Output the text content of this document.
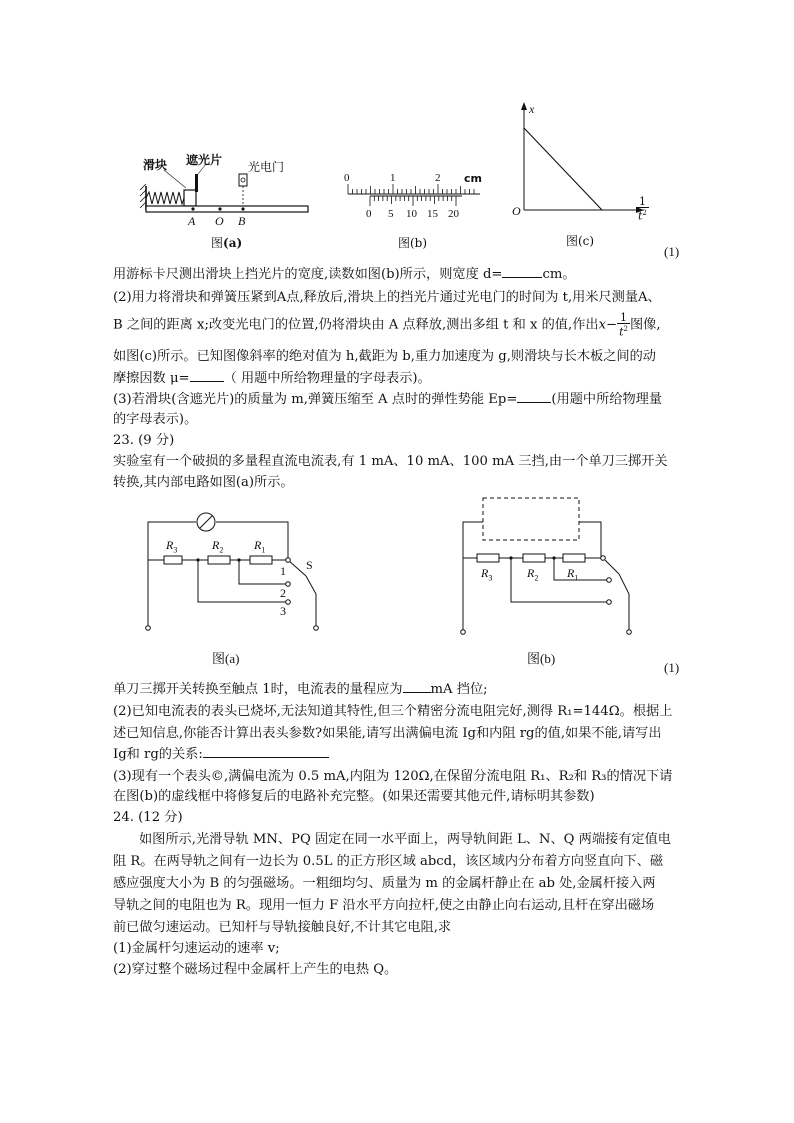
滑块 遮光片 光电门
A O B
图(a)
0	1	2 cm
0 5 10 15 20
图(b)
x
O	$\frac{1}{t^2}$
图(c)
(1)
用游标卡尺测出滑块上挡光片的宽度,读数如图(b)所示，则宽度 d=	cm。
(2)用力将滑块和弹簧压紧到A点,释放后,滑块上的挡光片通过光电门的时间为 t,用米尺测量A、
B 之间的距离 x;改变光电门的位置,仍将滑块由 A 点释放,测出多组 t 和 x 的值,作出$x- \frac{1}{t^2}$ 图像,
如图(c)所示。已知图像斜率的绝对值为 h,截距为 b,重力加速度为 g,则滑块与长木板之间的动
摩擦因数 μ=	（ 用题中所给物理量的字母表示)。
(3)若滑块(含遮光片)的质量为 m,弹簧压缩至 A 点时的弹性势能 Ep=	(用题中所给物理量
的字母表示)。
23. (9 分)
实验室有一个破损的多量程直流电流表,有 1 mA、10 mA、100 mA 三挡,由一个单刀三掷开关
转换,其内部电路如图(a)所示。
$R_3$	$R_2$	$R_1$
1
2
3
S
图(a)
$R_3$	$R_2$ $R_1$
图(b)
(1)
单刀三掷开关转换至触点 1时，电流表的量程应为 mA 挡位;
(2)已知电流表的表头已烧坏,无法知道其特性,但三个精密分流电阻完好,测得 R₁=144Ω。根据上
述已知信息,你能否计算出表头参数?如果能,请写出满偏电流 Ig和内阻 rg的值,如果不能,请写出
Ig和 rg的关系:
(3)现有一个表头©,满偏电流为 0.5 mA,内阻为 120Ω,在保留分流电阻 R₁、R₂和 R₃的情况下请
在图(b)的虚线框中将修复后的电路补充完整。(如果还需要其他元件,请标明其参数)
24. (12 分)
如图所示,光滑导轨 MN、PQ 固定在同一水平面上，两导轨间距 L、N、Q 两端接有定值电
阻 R。在两导轨之间有一边长为 0.5L 的正方形区域 abcd，该区域内分布着方向竖直向下、磁
感应强度大小为 B 的匀强磁场。一粗细均匀、质量为 m 的金属杆静止在 ab 处,金属杆接入两
导轨之间的电阻也为 R。现用一恒力 F 沿水平方向拉杆,使之由静止向右运动,且杆在穿出磁场
前已做匀速运动。已知杆与导轨接触良好,不计其它电阻,求
(1)金属杆匀速运动的速率 v;
(2)穿过整个磁场过程中金属杆上产生的电热 Q。
